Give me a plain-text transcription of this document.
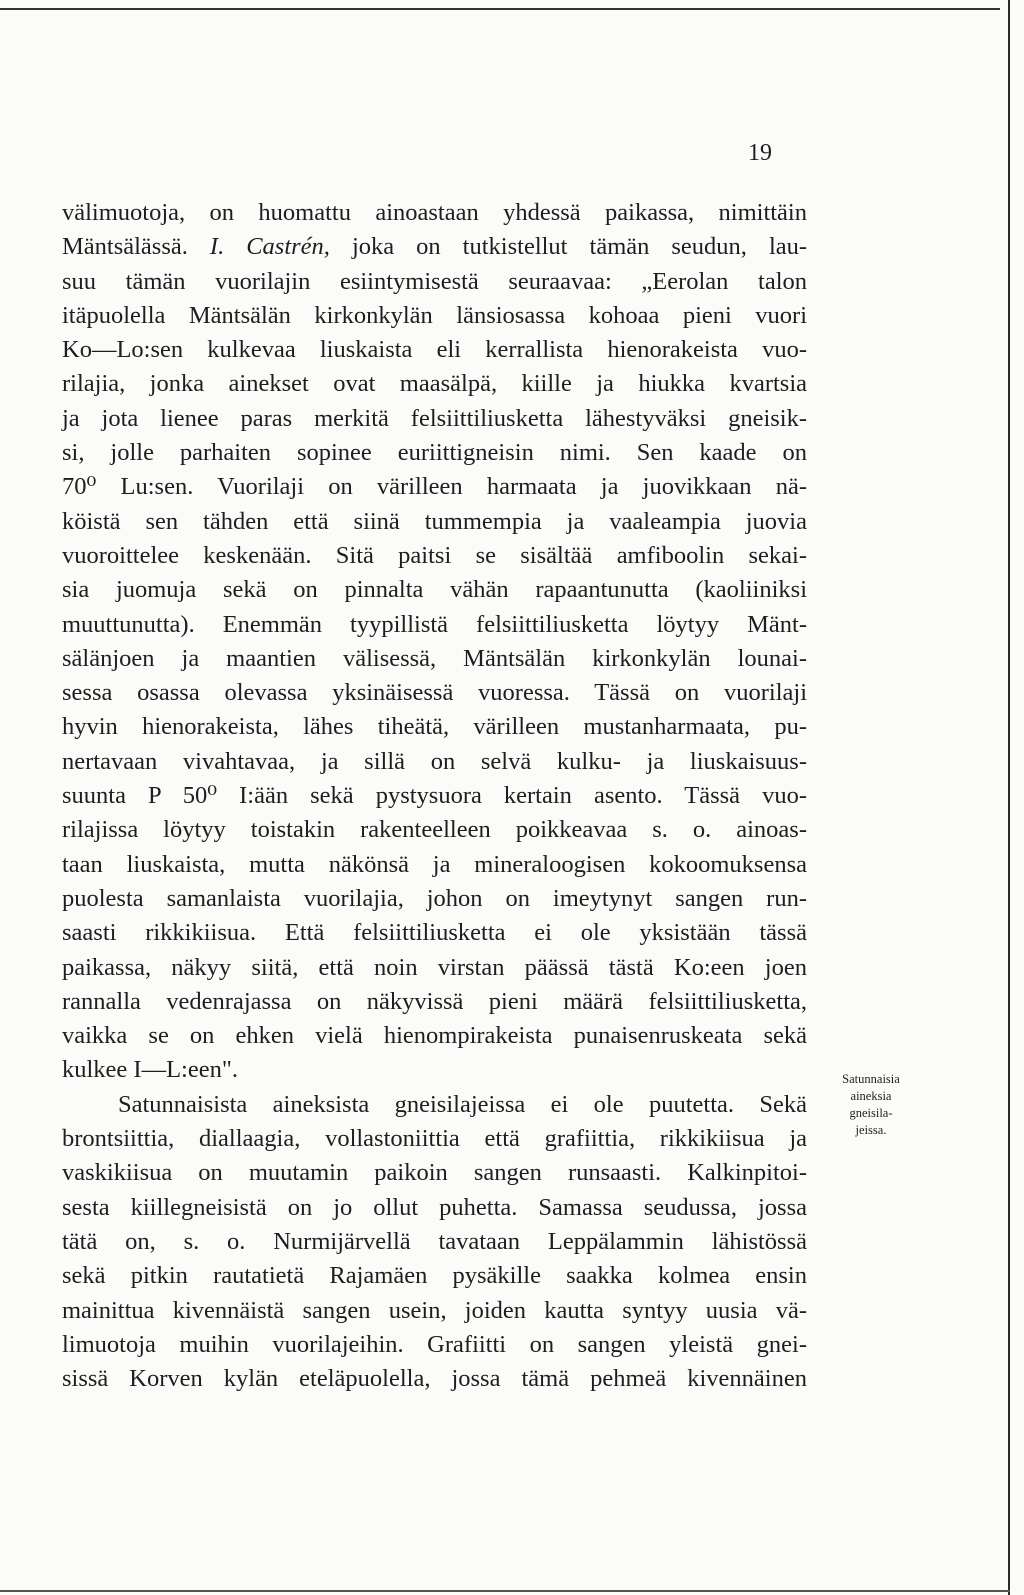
19
välimuotoja, on huomattu ainoastaan yhdessä paikassa, nimittäin
Mäntsälässä. I. Castrén, joka on tutkistellut tämän seudun, lau-
suu tämän vuorilajin esiintymisestä seuraavaa: „Eerolan talon
itäpuolella Mäntsälän kirkonkylän länsiosassa kohoaa pieni vuori
Ko—Lo:sen kulkevaa liuskaista eli kerrallista hienorakeista vuo-
rilajia, jonka ainekset ovat maasälpä, kiille ja hiukka kvartsia
ja jota lienee paras merkitä felsiittiliusketta lähestyväksi gneisik-
si, jolle parhaiten sopinee euriittigneisin nimi. Sen kaade on
70⁰ Lu:sen. Vuorilaji on värilleen harmaata ja juovikkaan nä-
köistä sen tähden että siinä tummempia ja vaaleampia juovia
vuoroittelee keskenään. Sitä paitsi se sisältää amfiboolin sekai-
sia juomuja sekä on pinnalta vähän rapaantunutta (kaoliiniksi
muuttunutta). Enemmän tyypillistä felsiittiliusketta löytyy Mänt-
sälänjoen ja maantien välisessä, Mäntsälän kirkonkylän lounai-
sessa osassa olevassa yksinäisessä vuoressa. Tässä on vuorilaji
hyvin hienorakeista, lähes tiheätä, värilleen mustanharmaata, pu-
nertavaan vivahtavaa, ja sillä on selvä kulku- ja liuskaisuus-
suunta P 50⁰ I:ään sekä pystysuora kertain asento. Tässä vuo-
rilajissa löytyy toistakin rakenteelleen poikkeavaa s. o. ainoas-
taan liuskaista, mutta näkönsä ja mineraloogisen kokoomuksensa
puolesta samanlaista vuorilajia, johon on imeytynyt sangen run-
saasti rikkikiisua. Että felsiittiliusketta ei ole yksistään tässä
paikassa, näkyy siitä, että noin virstan päässä tästä Ko:een joen
rannalla vedenrajassa on näkyvissä pieni määrä felsiittiliusketta,
vaikka se on ehken vielä hienompirakeista punaisenruskeata sekä
kulkee I—L:een".
Satunnaisista aineksista gneisilajeissa ei ole puutetta. Sekä
brontsiittia, diallaagia, vollastoniittia että grafiittia, rikkikiisua ja
vaskikiisua on muutamin paikoin sangen runsaasti. Kalkinpitoi-
sesta kiillegneisistä on jo ollut puhetta. Samassa seudussa, jossa
tätä on, s. o. Nurmijärvellä tavataan Leppälammin lähistössä
sekä pitkin rautatietä Rajamäen pysäkille saakka kolmea ensin
mainittua kivennäistä sangen usein, joiden kautta syntyy uusia vä-
limuotoja muihin vuorilajeihin. Grafiitti on sangen yleistä gnei-
sissä Korven kylän eteläpuolella, jossa tämä pehmeä kivennäinen
Satunnaisia
aineksia
gneisila-
jeissa.
